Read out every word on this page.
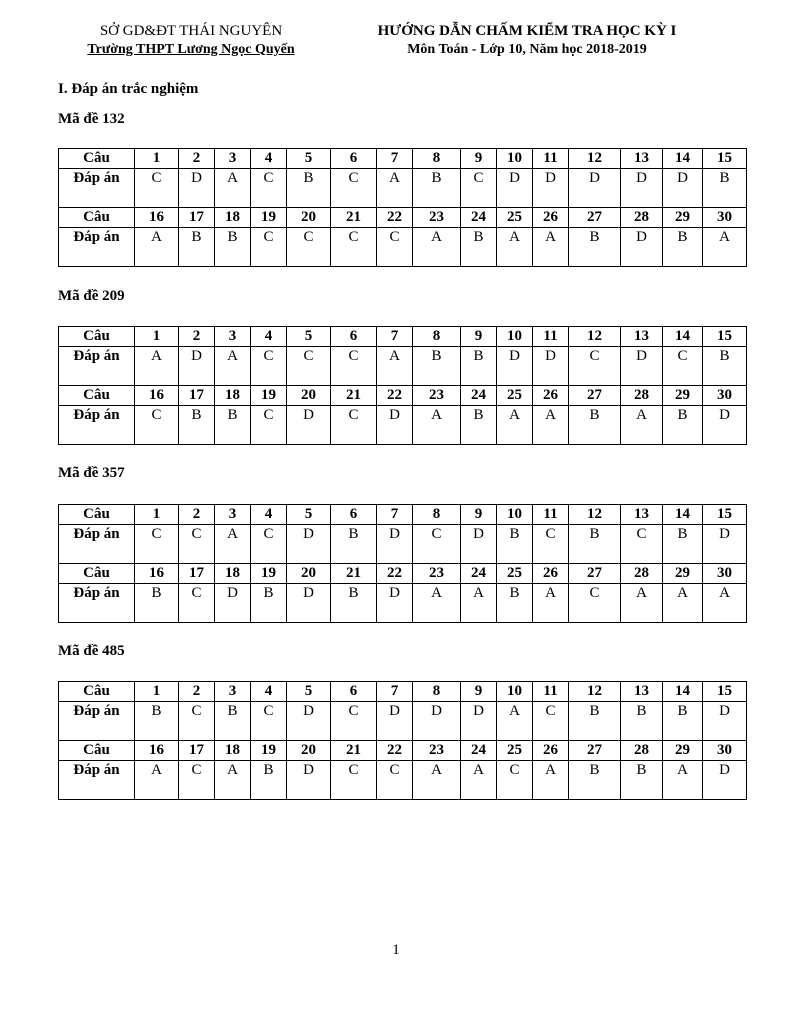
SỞ GD&ĐT THÁI NGUYÊN
Trường THPT Lương Ngọc Quyến
HƯỚNG DẪN CHẤM KIỂM TRA HỌC KỲ I
Môn Toán - Lớp 10, Năm học 2018-2019
I. Đáp án trắc nghiệm
Mã đề 132
Câu	1	2	3	4	5	6	7	8	9	10	11	12	13	14	15
Đáp án	C	D	A	C	B	C	A	B	C	D	D	D	D	D	B
Câu	16	17	18	19	20	21	22	23	24	25	26	27	28	29	30
Đáp án	A	B	B	C	C	C	C	A	B	A	A	B	D	B	A
Mã đề 209
Câu	1	2	3	4	5	6	7	8	9	10	11	12	13	14	15
Đáp án	A	D	A	C	C	C	A	B	B	D	D	C	D	C	B
Câu	16	17	18	19	20	21	22	23	24	25	26	27	28	29	30
Đáp án	C	B	B	C	D	C	D	A	B	A	A	B	A	B	D
Mã đề 357
Câu	1	2	3	4	5	6	7	8	9	10	11	12	13	14	15
Đáp án	C	C	A	C	D	B	D	C	D	B	C	B	C	B	D
Câu	16	17	18	19	20	21	22	23	24	25	26	27	28	29	30
Đáp án	B	C	D	B	D	B	D	A	A	B	A	C	A	A	A
Mã đề 485
Câu	1	2	3	4	5	6	7	8	9	10	11	12	13	14	15
Đáp án	B	C	B	C	D	C	D	D	D	A	C	B	B	B	D
Câu	16	17	18	19	20	21	22	23	24	25	26	27	28	29	30
Đáp án	A	C	A	B	D	C	C	A	A	C	A	B	B	A	D
1
